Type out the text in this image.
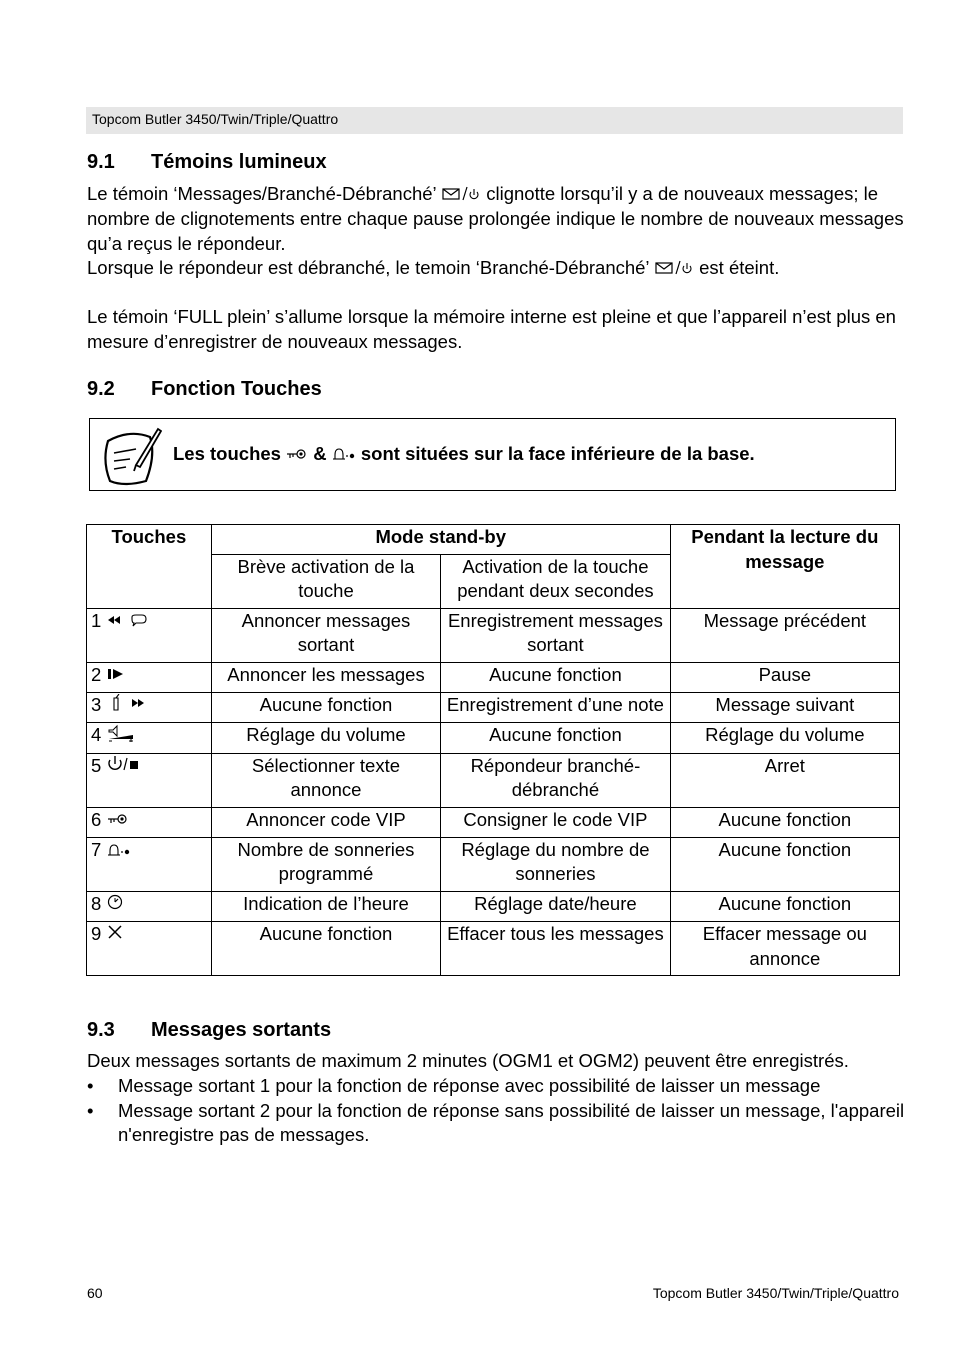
Topcom Butler 3450/Twin/Triple/Quattro
9.1 Témoins lumineux

Le témoin ‘Messages/Branché-Débranché’	clignotte lorsqu’il y a de nouveaux messages; le nombre de clignotements entre chaque pause prolongée indique le nombre de nouveaux messages qu’a reçus le répondeur.
Lorsque le répondeur est débranché, le temoin ‘Branché-Débranché’	est éteint.

Le témoin ‘FULL plein’ s’allume lorsque la mémoire interne est pleine et que l’appareil n’est plus en mesure d’enregistrer de nouveaux messages.

9.2 Fonction Touches
Les touches & sont situées sur la face inférieure de la base.
Touches	Mode stand-by		Pendant la lecture du message
	Brève activation de la touche	Activation de la touche pendant deux secondes	
1	Annoncer messages sortant	Enregistrement messages sortant	Message précédent
2	Annoncer les messages	Aucune fonction	Pause
3	Aucune fonction	Enregistrement d’une note	Message suivant
4	Réglage du volume	Aucune fonction	Réglage du volume
5	Sélectionner texte annonce	Répondeur branché-débranché	Arret
6	Annoncer code VIP	Consigner le code VIP	Aucune fonction
7	Nombre de sonneries programmé	Réglage du nombre de sonneries	Aucune fonction
8	Indication de l’heure	Réglage date/heure	Aucune fonction
9	Aucune fonction	Effacer tous les messages	Effacer message ou annonce
9.3 Messages sortants

Deux messages sortants de maximum 2 minutes (OGM1 et OGM2) peuvent être enregistrés.

• Message sortant 1 pour la fonction de réponse avec possibilité de laisser un message
• Message sortant 2 pour la fonction de réponse sans possibilité de laisser un message, l'appareil n'enregistre pas de messages.
60	Topcom Butler 3450/Twin/Triple/Quattro
